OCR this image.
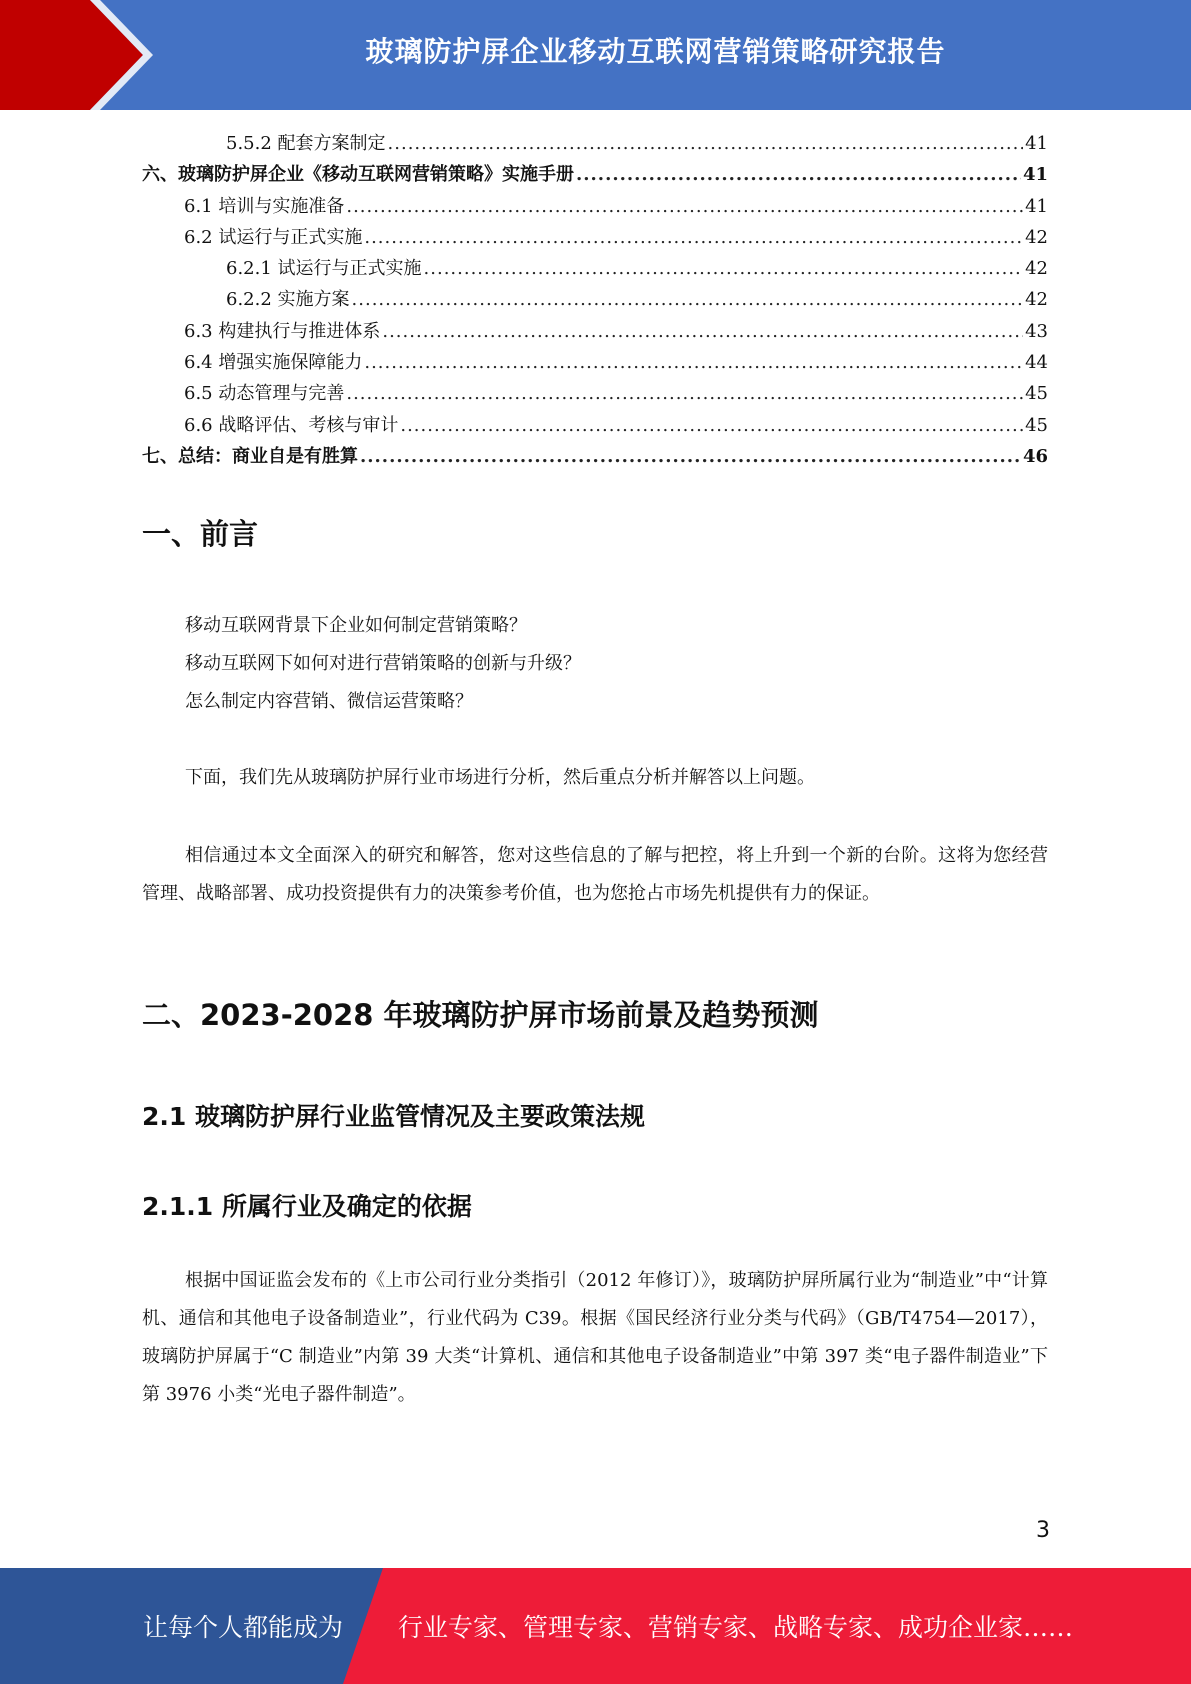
玻璃防护屏企业移动互联网营销策略研究报告
5.5.2 配套方案制定 .....	41
六、玻璃防护屏企业《移动互联网营销策略》实施手册 .....	41
6.1 培训与实施准备 .....	41
6.2 试运行与正式实施 .....	42
6.2.1 试运行与正式实施 .....	42
6.2.2 实施方案 .....	42
6.3 构建执行与推进体系 .....	43
6.4 增强实施保障能力 .....	44
6.5 动态管理与完善 .....	45
6.6 战略评估、考核与审计 .....	45
七、总结：商业自是有胜算 .....	46
一、前言
移动互联网背景下企业如何制定营销策略？
移动互联网下如何对进行营销策略的创新与升级？
怎么制定内容营销、微信运营策略？
下面，我们先从玻璃防护屏行业市场进行分析，然后重点分析并解答以上问题。
相信通过本文全面深入的研究和解答，您对这些信息的了解与把控，将上升到一个新的台阶。这将为您经营管理、战略部署、成功投资提供有力的决策参考价值，也为您抢占市场先机提供有力的保证。
二、2023-2028 年玻璃防护屏市场前景及趋势预测
2.1 玻璃防护屏行业监管情况及主要政策法规
2.1.1 所属行业及确定的依据
根据中国证监会发布的《上市公司行业分类指引（2012 年修订）》，玻璃防护屏所属行业为“制造业”中“计算机、通信和其他电子设备制造业”，行业代码为 C39。根据《国民经济行业分类与代码》（GB/T4754—2017），玻璃防护屏属于“C 制造业”内第 39 大类“计算机、通信和其他电子设备制造业”中第 397 类“电子器件制造业”下第 3976 小类“光电子器件制造”。
3
让每个人都能成为 行业专家、管理专家、营销专家、战略专家、成功企业家……
